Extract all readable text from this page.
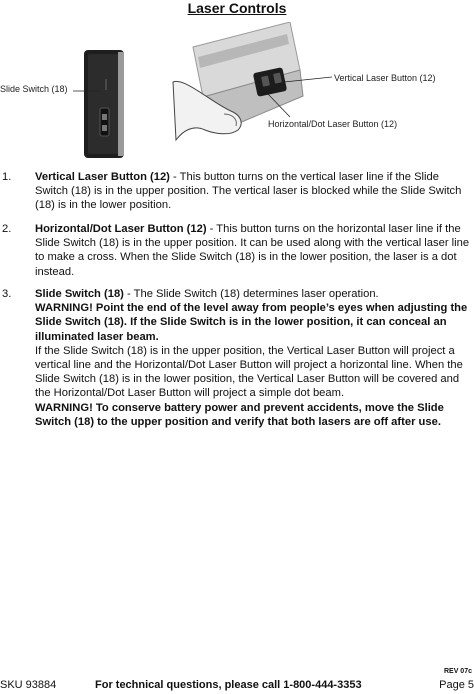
Laser Controls
Slide Switch (18)
Vertical Laser Button (12)
Horizontal/Dot Laser Button (12)
1. Vertical Laser Button (12) - This button turns on the vertical laser line if the Slide Switch (18) is in the upper position. The vertical laser is blocked while the Slide Switch (18) is in the lower position.
2. Horizontal/Dot Laser Button (12) - This button turns on the horizontal laser line if the Slide Switch (18) is in the upper position. It can be used along with the vertical laser line to make a cross. When the Slide Switch (18) is in the lower position, the laser is a dot instead.
3. Slide Switch (18) - The Slide Switch (18) determines laser operation.
WARNING! Point the end of the level away from people’s eyes when adjusting the Slide Switch (18). If the Slide Switch is in the lower position, it can conceal an illuminated laser beam.
If the Slide Switch (18) is in the upper position, the Vertical Laser Button will project a vertical line and the Horizontal/Dot Laser Button will project a horizontal line. When the Slide Switch (18) is in the lower position, the Vertical Laser Button will be covered and the Horizontal/Dot Laser Button will project a simple dot beam.
WARNING! To conserve battery power and prevent accidents, move the Slide Switch (18) to the upper position and verify that both lasers are off after use.
REV 07c
SKU 93884	For technical questions, please call 1-800-444-3353	Page 5
